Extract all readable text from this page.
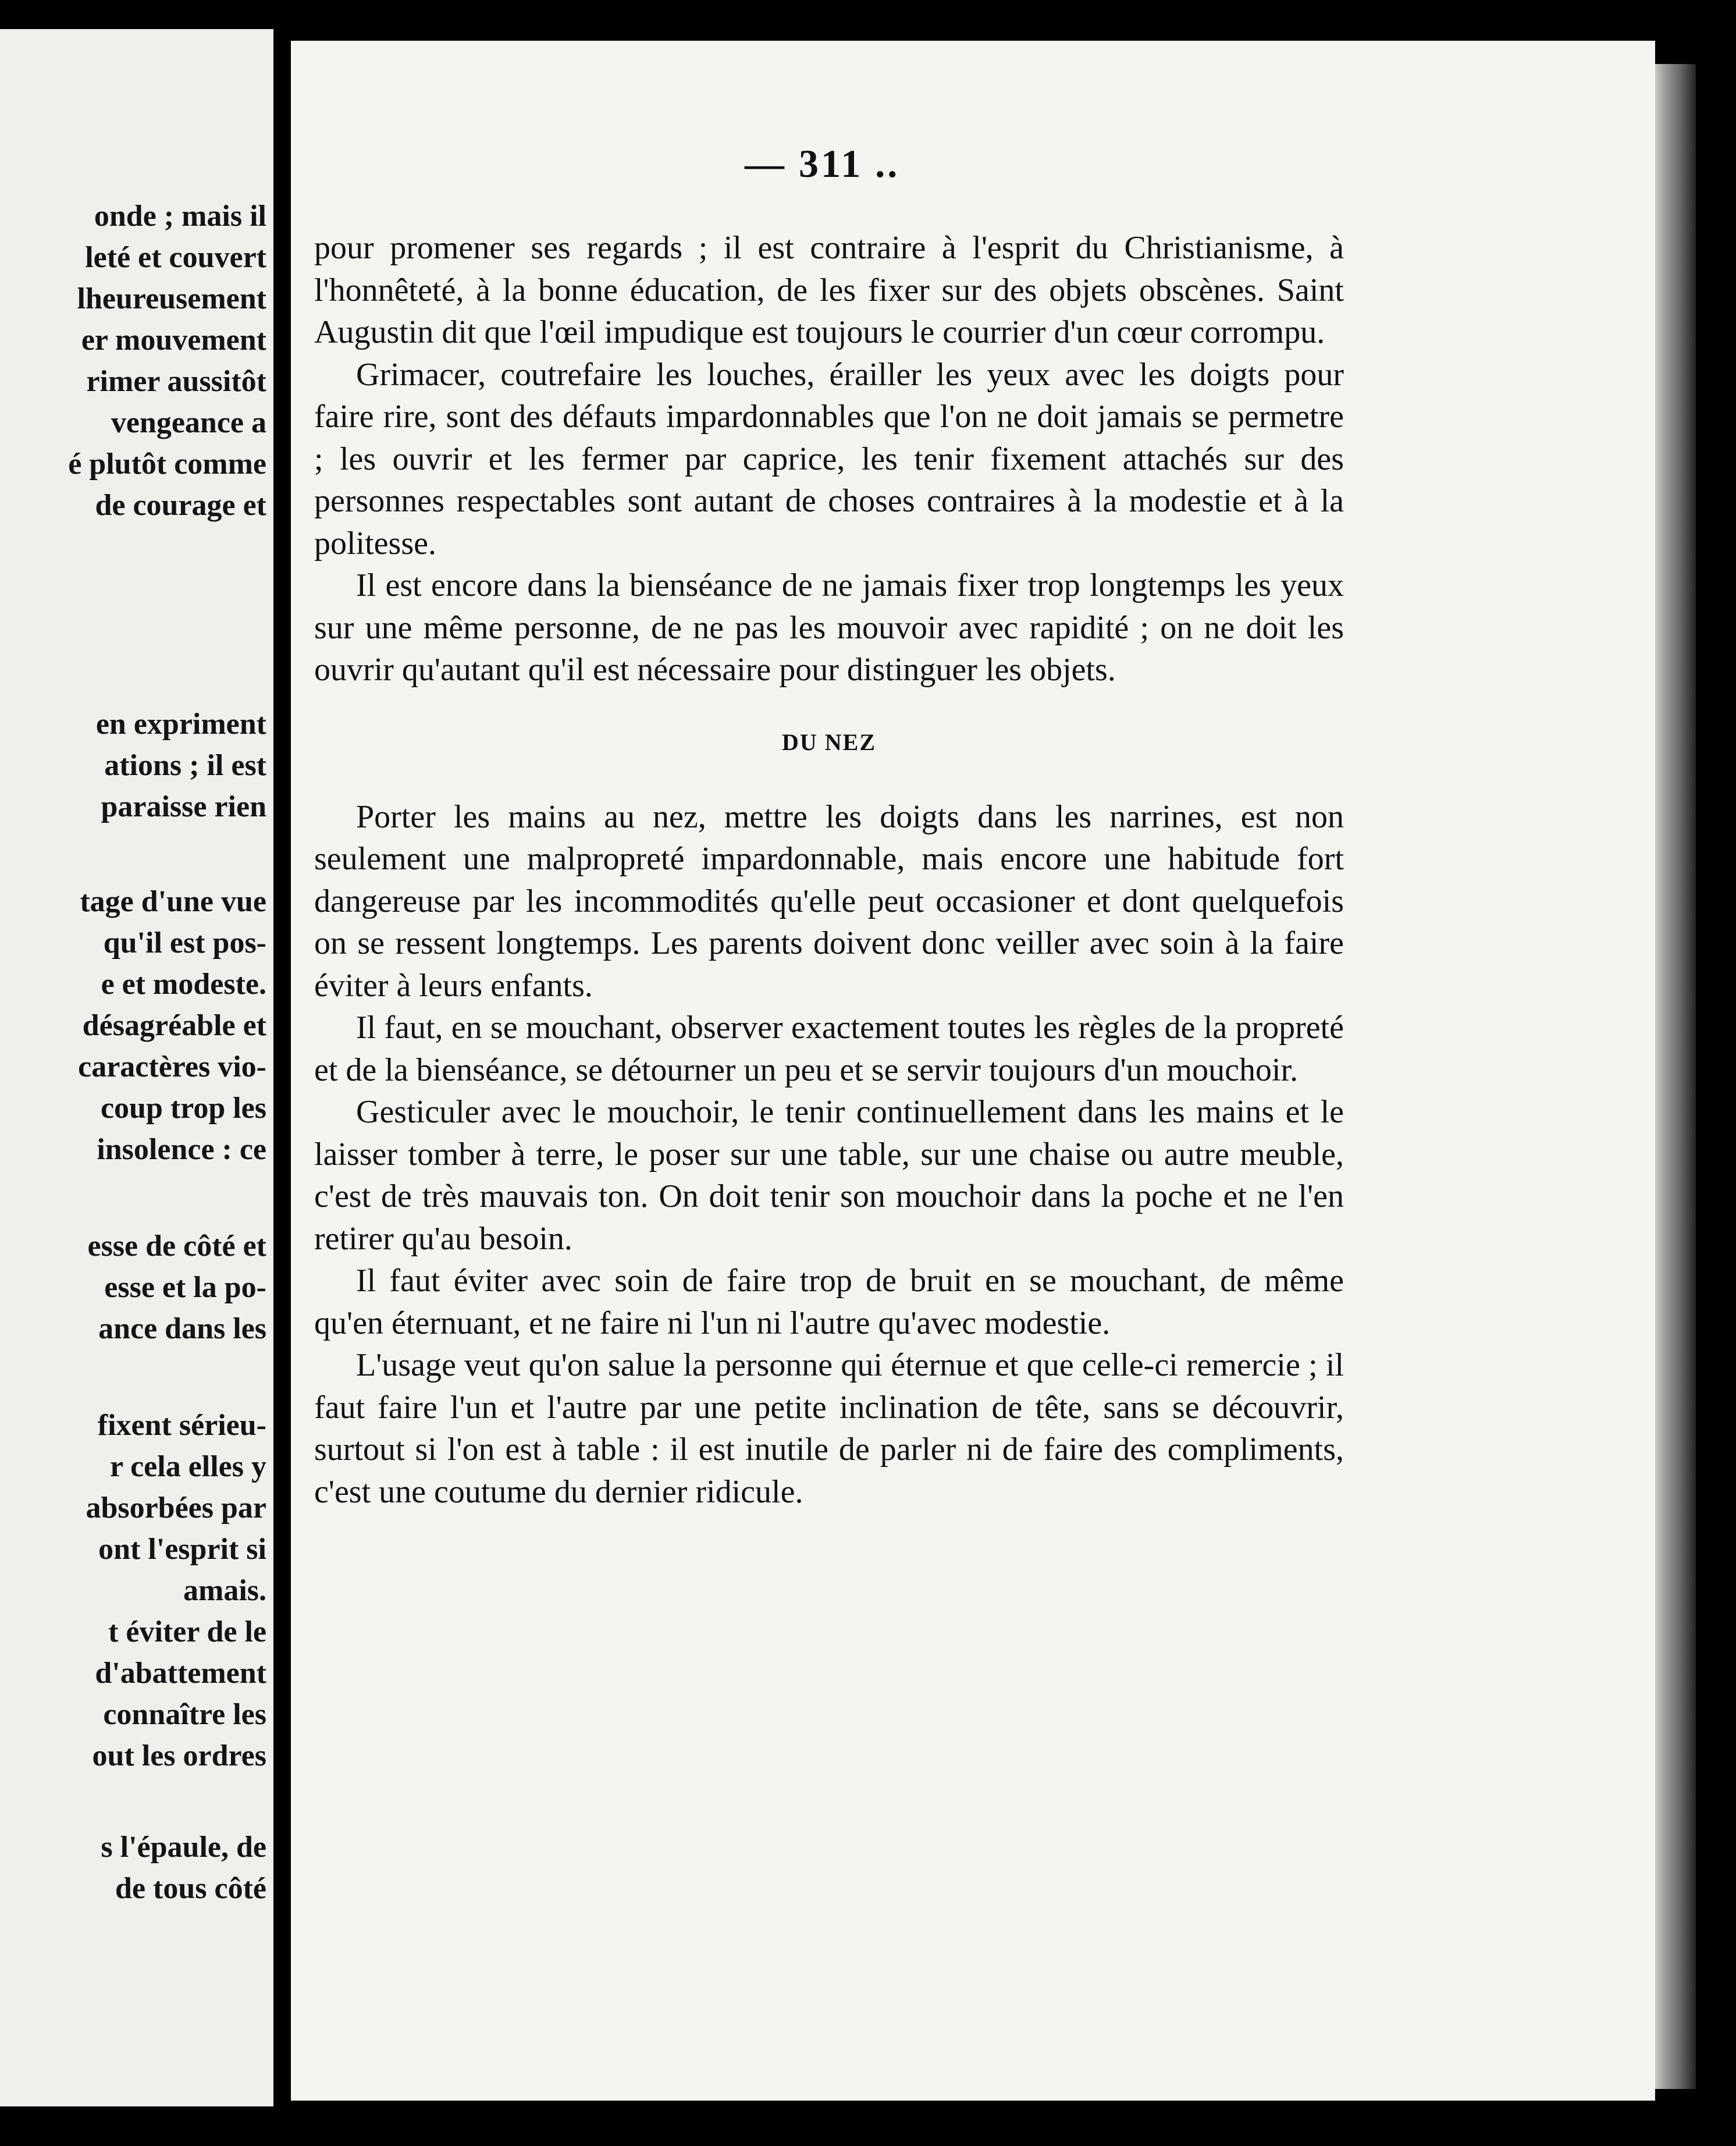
onde ; mais il
leté et couvert
lheureusement
er mouvement
rimer aussitôt
vengeance a
é plutôt comme
de courage et
en expriment
ations ; il est
paraisse rien
tage d'une vue
qu'il est pos-
e et modeste.
désagréable et
caractères vio-
coup trop les
insolence : ce
esse de côté et
esse et la po-
ance dans les
fixent sérieu-
r cela elles y
absorbées par
ont l'esprit si
amais.
t éviter de le
d'abattement
connaître les
out les ordres
s l'épaule, de
de tous côté
— 311 ..

pour promener ses regards ; il est contraire à l'esprit du Christianisme, à l'honnêteté, à la bonne éducation, de les fixer sur des objets obscènes. Saint Augustin dit que l'œil impudique est toujours le courrier d'un cœur corrompu.

Grimacer, coutrefaire les louches, érailler les yeux avec les doigts pour faire rire, sont des défauts impardonnables que l'on ne doit jamais se permetre ; les ouvrir et les fermer par caprice, les tenir fixement attachés sur des personnes respectables sont autant de choses contraires à la modestie et à la politesse.

Il est encore dans la bienséance de ne jamais fixer trop longtemps les yeux sur une même personne, de ne pas les mouvoir avec rapidité ; on ne doit les ouvrir qu'autant qu'il est nécessaire pour distinguer les objets.

DU NEZ

Porter les mains au nez, mettre les doigts dans les narrines, est non seulement une malpropreté impardonnable, mais encore une habitude fort dangereuse par les incommodités qu'elle peut occasioner et dont quelquefois on se ressent longtemps. Les parents doivent donc veiller avec soin à la faire éviter à leurs enfants.

Il faut, en se mouchant, observer exactement toutes les règles de la propreté et de la bienséance, se détourner un peu et se servir toujours d'un mouchoir.

Gesticuler avec le mouchoir, le tenir continuellement dans les mains et le laisser tomber à terre, le poser sur une table, sur une chaise ou autre meuble, c'est de très mauvais ton. On doit tenir son mouchoir dans la poche et ne l'en retirer qu'au besoin.

Il faut éviter avec soin de faire trop de bruit en se mouchant, de même qu'en éternuant, et ne faire ni l'un ni l'autre qu'avec modestie.

L'usage veut qu'on salue la personne qui éternue et que celle-ci remercie ; il faut faire l'un et l'autre par une petite inclination de tête, sans se découvrir, surtout si l'on est à table : il est inutile de parler ni de faire des compliments, c'est une coutume du dernier ridicule.
